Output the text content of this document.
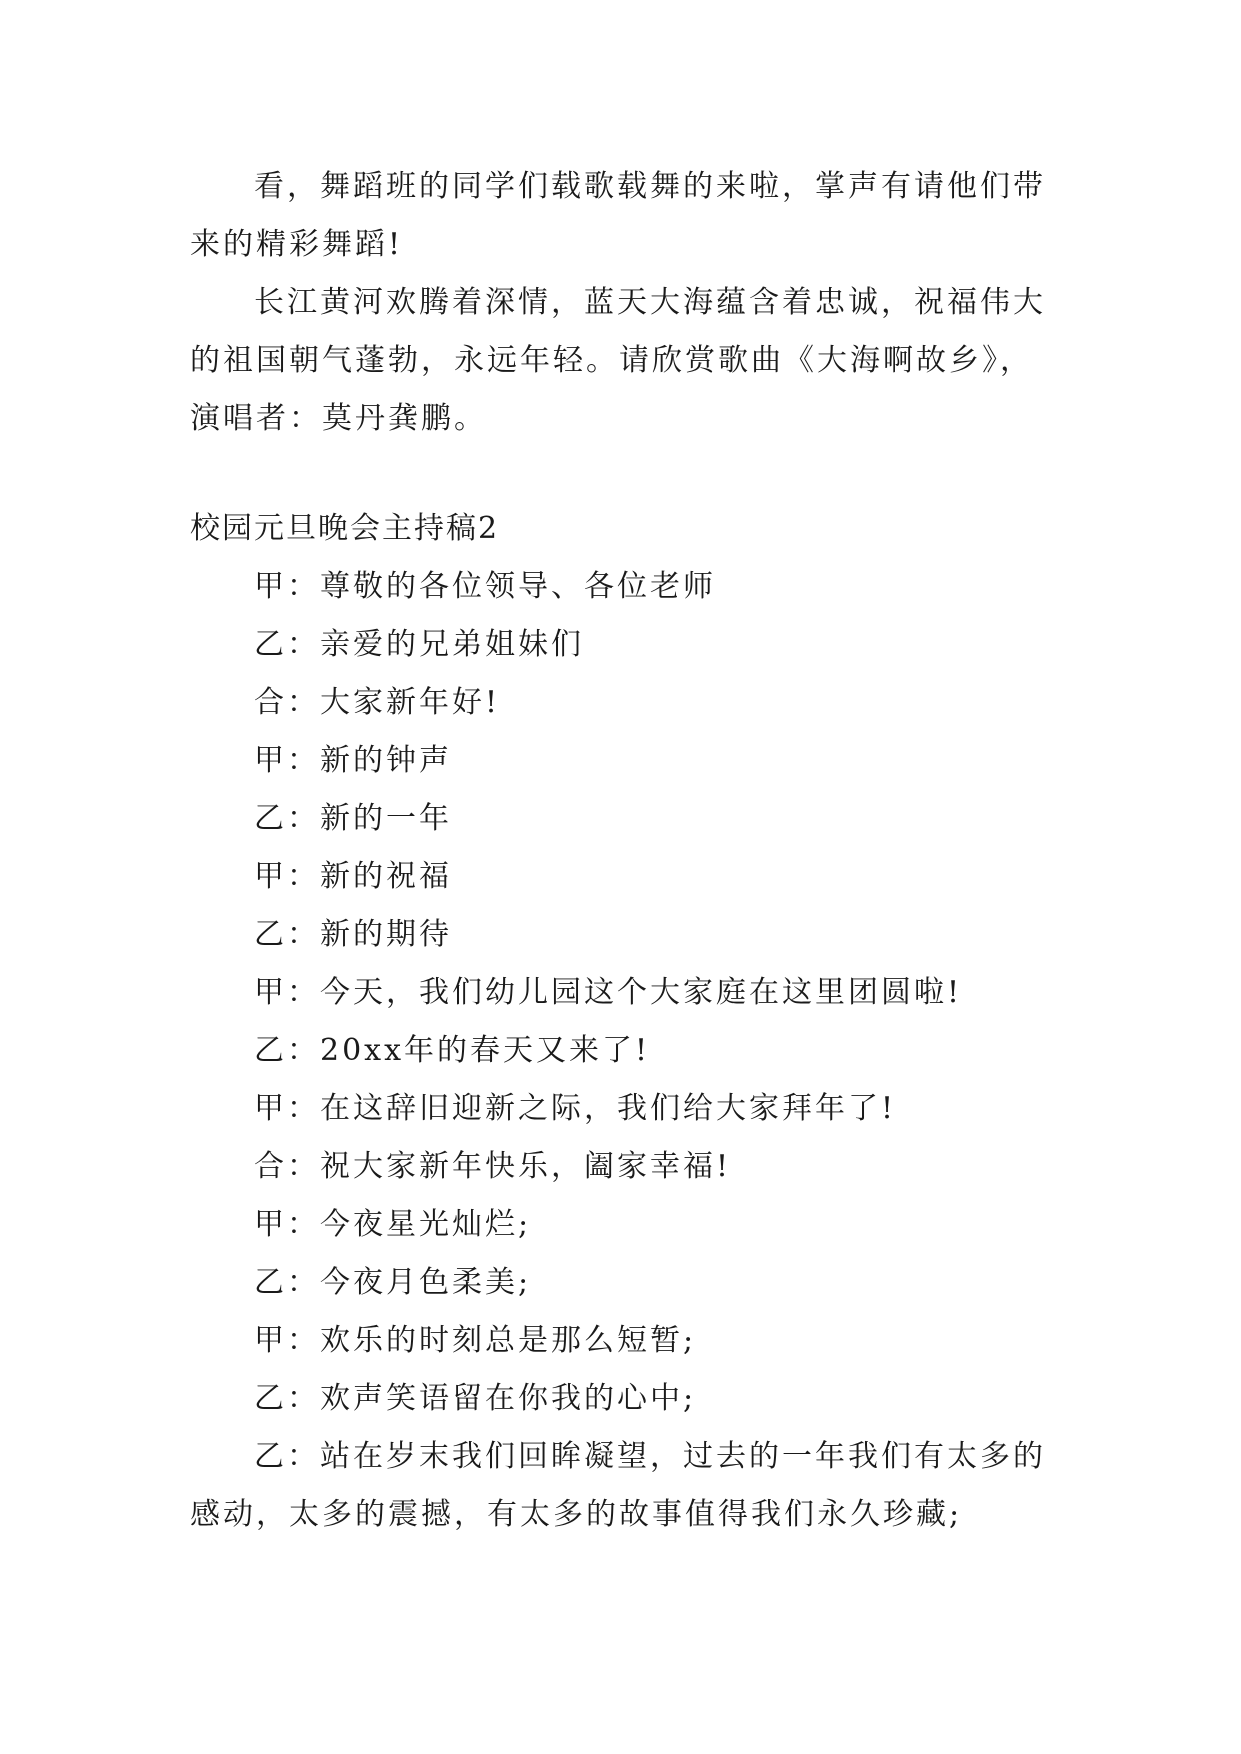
看，舞蹈班的同学们载歌载舞的来啦，掌声有请他们带来的精彩舞蹈!

长江黄河欢腾着深情，蓝天大海蕴含着忠诚，祝福伟大的祖国朝气蓬勃，永远年轻。请欣赏歌曲《大海啊故乡》，演唱者：莫丹龚鹏。

校园元旦晚会主持稿2

甲：尊敬的各位领导、各位老师
乙：亲爱的兄弟姐妹们
合：大家新年好!
甲：新的钟声
乙：新的一年
甲：新的祝福
乙：新的期待
甲：今天，我们幼儿园这个大家庭在这里团圆啦!
乙：20xx年的春天又来了!
甲：在这辞旧迎新之际，我们给大家拜年了!
合：祝大家新年快乐，阖家幸福!
甲：今夜星光灿烂;
乙：今夜月色柔美;
甲：欢乐的时刻总是那么短暂;
乙：欢声笑语留在你我的心中;

乙：站在岁末我们回眸凝望，过去的一年我们有太多的感动，太多的震撼，有太多的故事值得我们永久珍藏;
